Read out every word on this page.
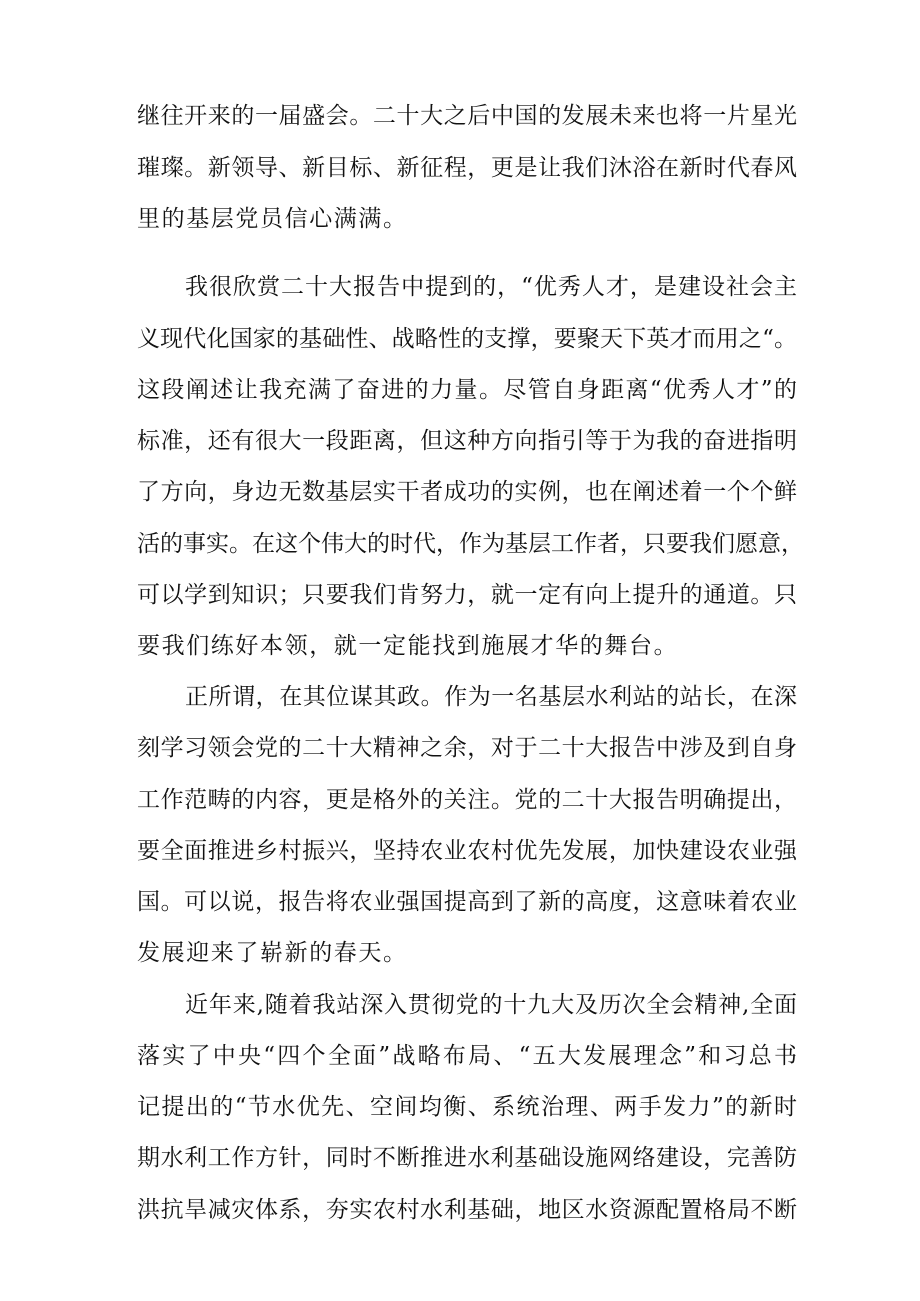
继往开来的一届盛会。二十大之后中国的发展未来也将一片星光
璀璨。新领导、新目标、新征程，更是让我们沐浴在新时代春风
里的基层党员信心满满。
我很欣赏二十大报告中提到的，“优秀人才，是建设社会主
义现代化国家的基础性、战略性的支撑，要聚天下英才而用之“。
这段阐述让我充满了奋进的力量。尽管自身距离“优秀人才”的
标准，还有很大一段距离，但这种方向指引等于为我的奋进指明
了方向，身边无数基层实干者成功的实例，也在阐述着一个个鲜
活的事实。在这个伟大的时代，作为基层工作者，只要我们愿意，
可以学到知识；只要我们肯努力，就一定有向上提升的通道。只
要我们练好本领，就一定能找到施展才华的舞台。
正所谓，在其位谋其政。作为一名基层水利站的站长，在深
刻学习领会党的二十大精神之余，对于二十大报告中涉及到自身
工作范畴的内容，更是格外的关注。党的二十大报告明确提出，
要全面推进乡村振兴，坚持农业农村优先发展，加快建设农业强
国。可以说，报告将农业强国提高到了新的高度，这意味着农业
发展迎来了崭新的春天。
近年来,随着我站深入贯彻党的十九大及历次全会精神,全面
落实了中央“四个全面”战略布局、“五大发展理念”和习总书
记提出的“节水优先、空间均衡、系统治理、两手发力”的新时
期水利工作方针，同时不断推进水利基础设施网络建设，完善防
洪抗旱减灾体系，夯实农村水利基础，地区水资源配置格局不断
